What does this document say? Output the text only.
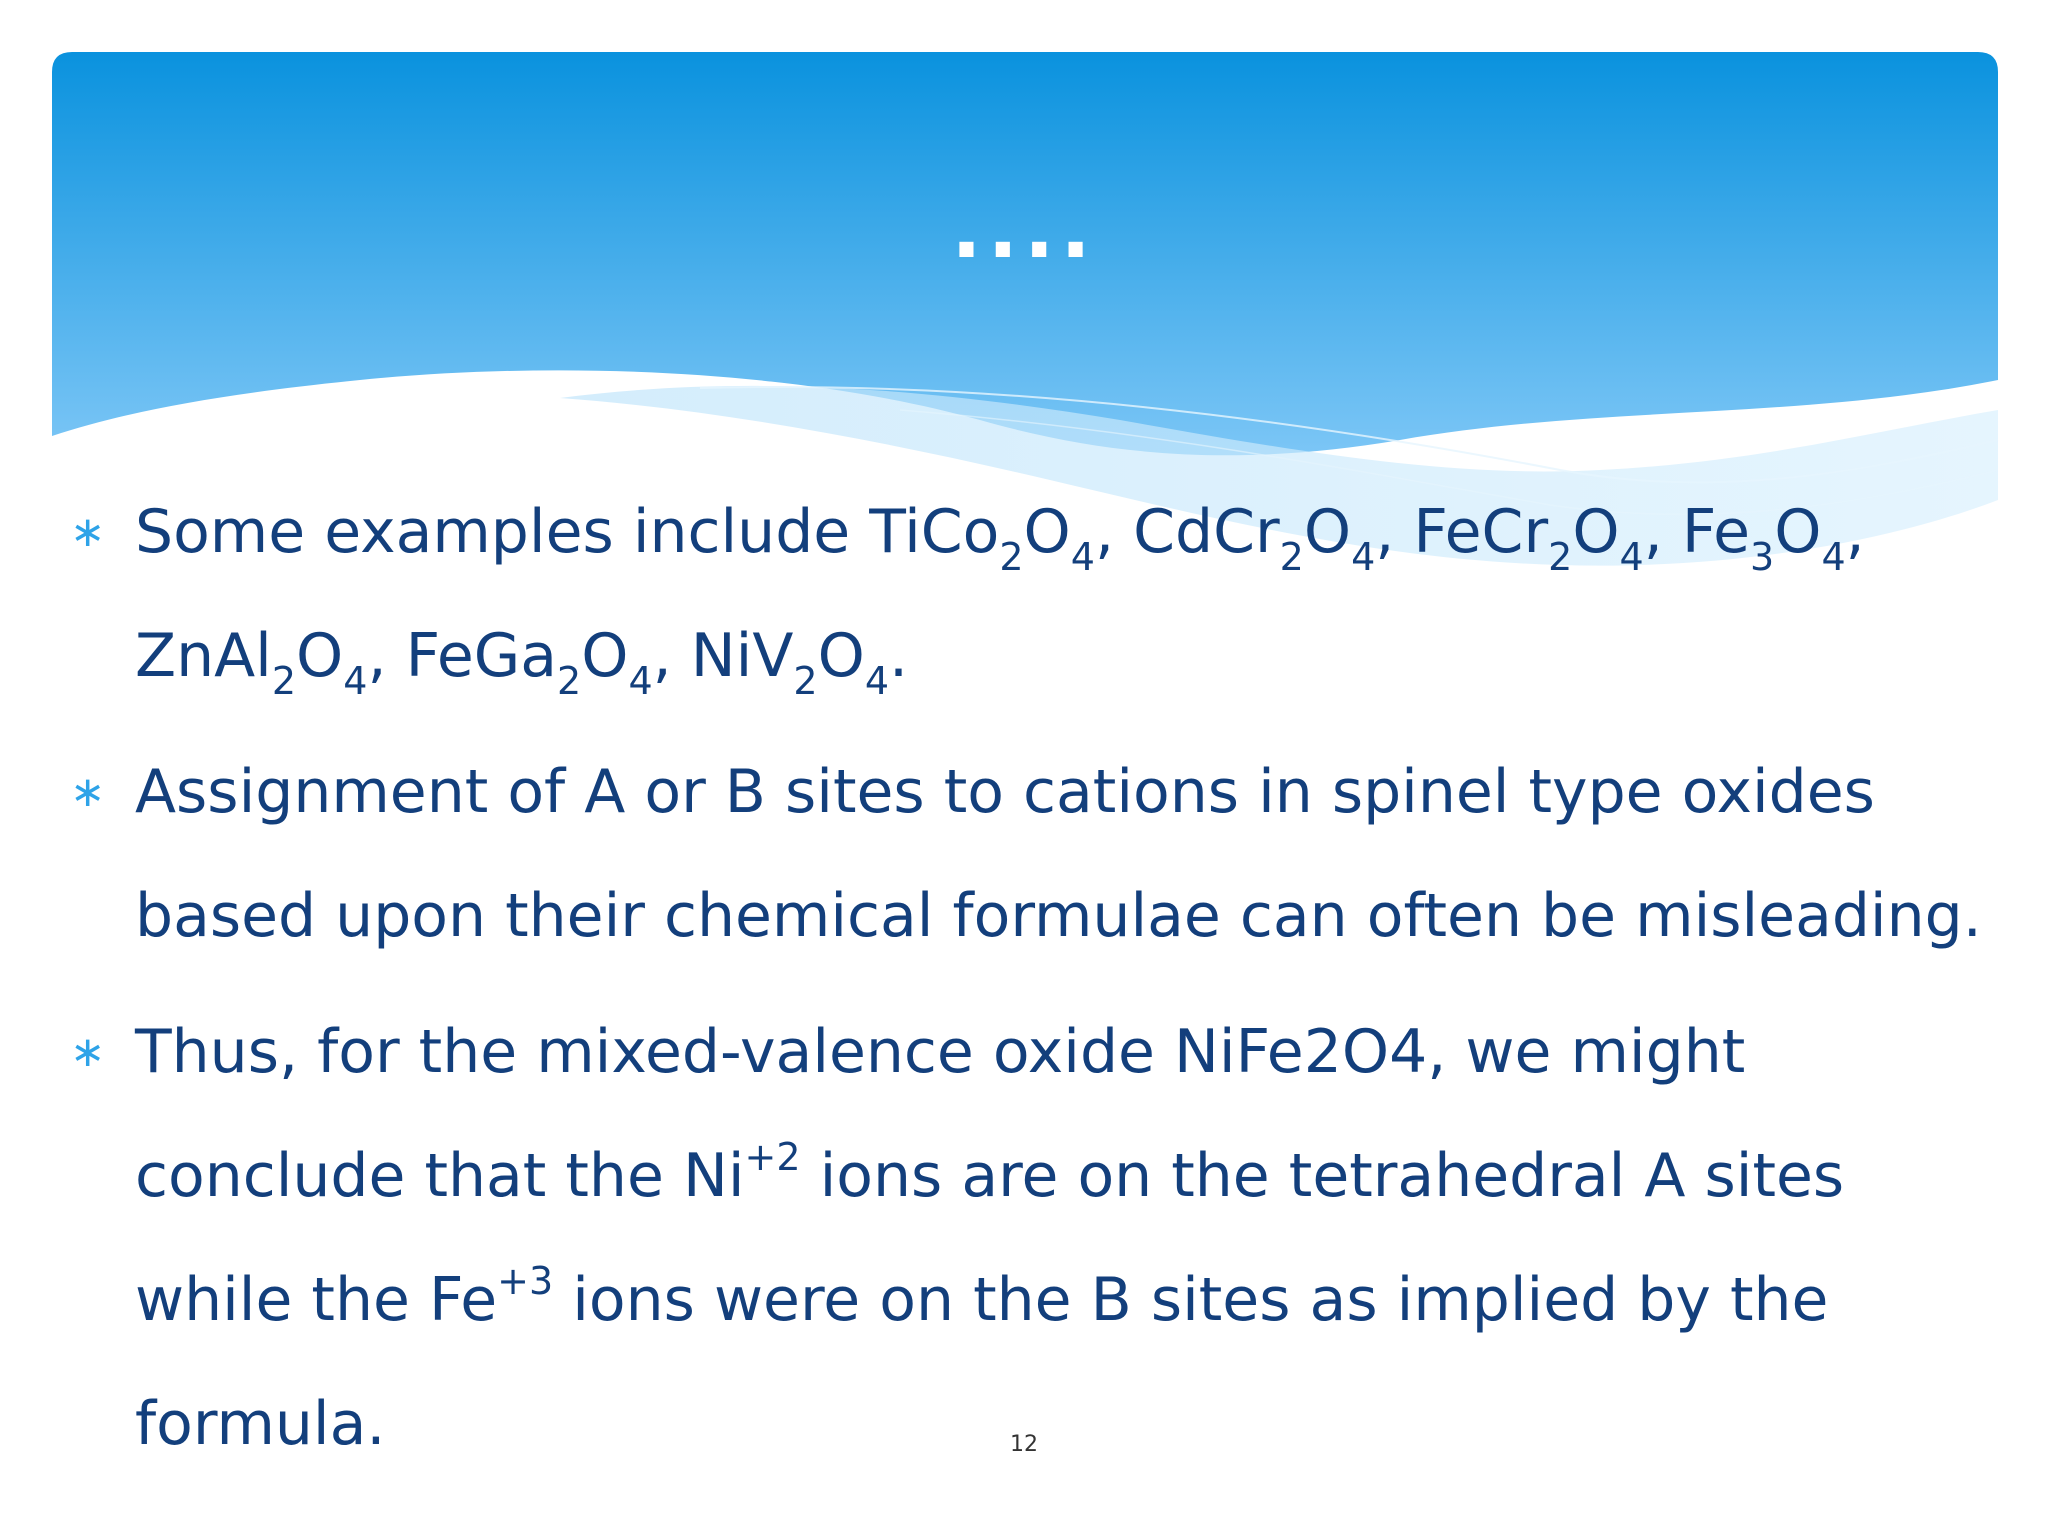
....
∗ Some examples include $TiCo_2O_4$, $CdCr_2O_4$, $FeCr_2O_4$, $Fe_3O_4$,
$ZnAl_2O_4$, $FeGa_2O_4$, $NiV_2O_4$.
∗ Assignment of A or B sites to cations in spinel type oxides based upon their chemical formulae can often be misleading.
∗ Thus, for the mixed-valence oxide NiFe2O4, we might conclude that the $Ni^{+2}$ ions are on the tetrahedral A sites while the $Fe^{+3}$ ions were on the B sites as implied by the formula.	12
